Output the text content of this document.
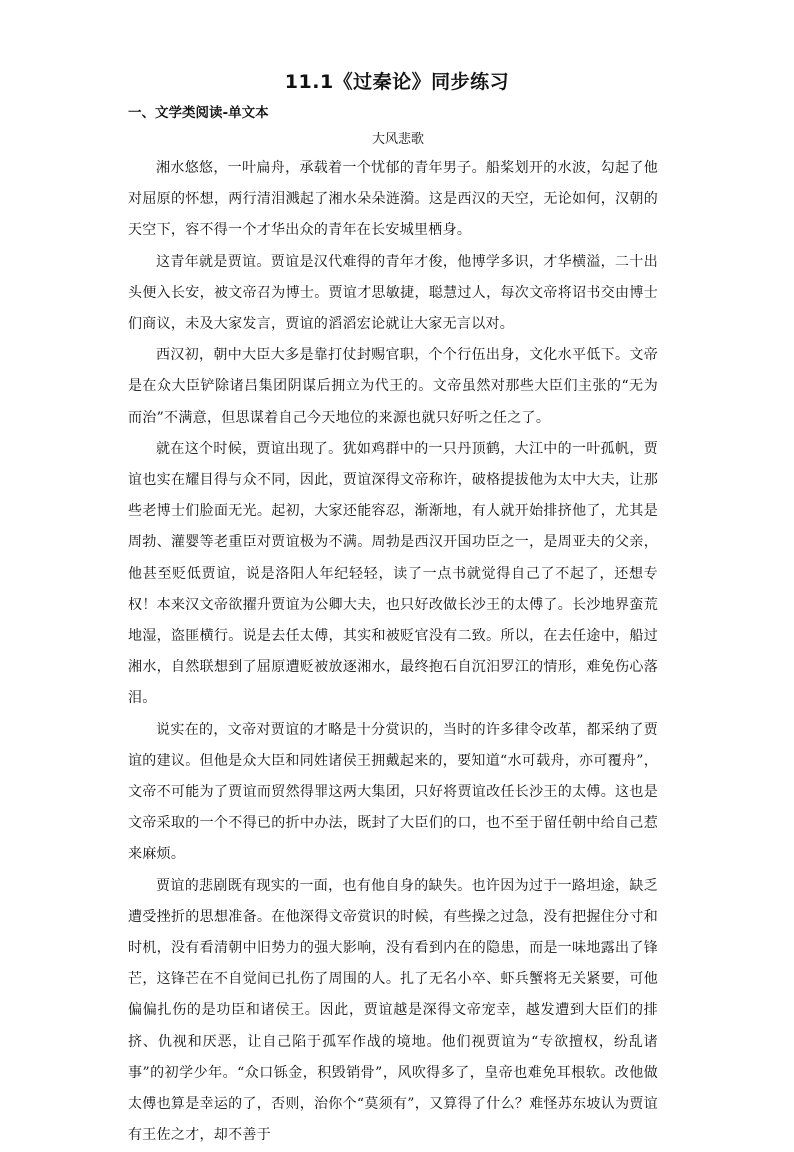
11.1《过秦论》同步练习
一、文学类阅读-单文本
大风悲歌

湘水悠悠，一叶扁舟，承载着一个忧郁的青年男子。船桨划开的水波，勾起了他对屈原的怀想，两行清泪溅起了湘水朵朵涟漪。这是西汉的天空，无论如何，汉朝的天空下，容不得一个才华出众的青年在长安城里栖身。

这青年就是贾谊。贾谊是汉代难得的青年才俊，他博学多识，才华横溢，二十出头便入长安，被文帝召为博士。贾谊才思敏捷，聪慧过人，每次文帝将诏书交由博士们商议，未及大家发言，贾谊的滔滔宏论就让大家无言以对。

西汉初，朝中大臣大多是靠打仗封赐官职，个个行伍出身，文化水平低下。文帝是在众大臣铲除诸吕集团阴谋后拥立为代王的。文帝虽然对那些大臣们主张的“无为而治”不满意，但思谋着自己今天地位的来源也就只好听之任之了。

就在这个时候，贾谊出现了。犹如鸡群中的一只丹顶鹤，大江中的一叶孤帆，贾谊也实在耀目得与众不同，因此，贾谊深得文帝称许，破格提拔他为太中大夫，让那些老博士们脸面无光。起初，大家还能容忍，渐渐地，有人就开始排挤他了，尤其是周勃、灌婴等老重臣对贾谊极为不满。周勃是西汉开国功臣之一，是周亚夫的父亲，他甚至贬低贾谊，说是洛阳人年纪轻轻，读了一点书就觉得自己了不起了，还想专权！本来汉文帝欲擢升贾谊为公卿大夫，也只好改做长沙王的太傅了。长沙地界蛮荒地湿，盗匪横行。说是去任太傅，其实和被贬官没有二致。所以，在去任途中，船过湘水，自然联想到了屈原遭贬被放逐湘水，最终抱石自沉汨罗江的情形，难免伤心落泪。

说实在的，文帝对贾谊的才略是十分赏识的，当时的许多律令改革，都采纳了贾谊的建议。但他是众大臣和同姓诸侯王拥戴起来的，要知道“水可载舟，亦可覆舟”，文帝不可能为了贾谊而贸然得罪这两大集团，只好将贾谊改任长沙王的太傅。这也是文帝采取的一个不得已的折中办法，既封了大臣们的口，也不至于留任朝中给自己惹来麻烦。

贾谊的悲剧既有现实的一面，也有他自身的缺失。也许因为过于一路坦途，缺乏遭受挫折的思想准备。在他深得文帝赏识的时候，有些操之过急，没有把握住分寸和时机，没有看清朝中旧势力的强大影响，没有看到内在的隐患，而是一味地露出了锋芒，这锋芒在不自觉间已扎伤了周围的人。扎了无名小卒、虾兵蟹将无关紧要，可他偏偏扎伤的是功臣和诸侯王。因此，贾谊越是深得文帝宠幸，越发遭到大臣们的排挤、仇视和厌恶，让自己陷于孤军作战的境地。他们视贾谊为“专欲擅权，纷乱诸事”的初学少年。“众口铄金，积毁销骨”，风吹得多了，皇帝也难免耳根软。改他做太傅也算是幸运的了，否则，治你个“莫须有”，又算得了什么？难怪苏东坡认为贾谊有王佐之才，却不善于
